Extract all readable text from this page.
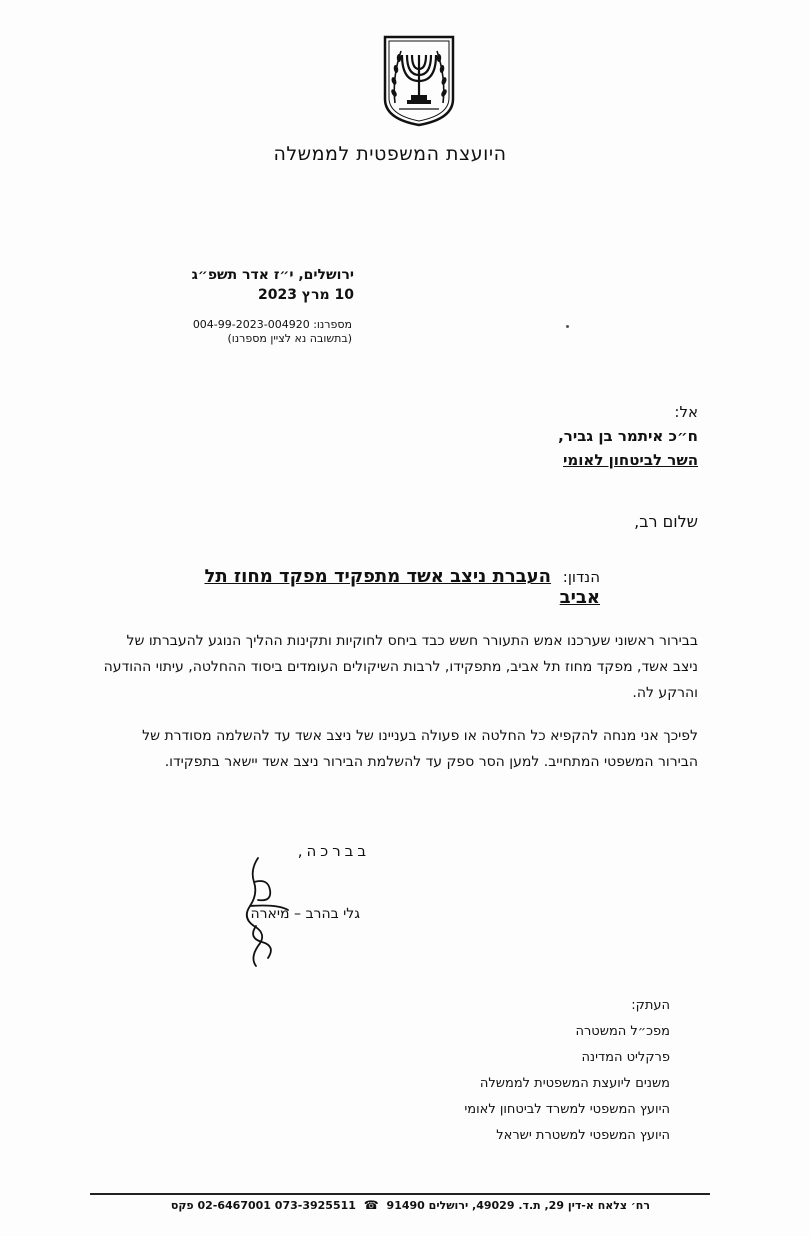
היועצת המשפטית לממשלה
ירושלים, י״ז אדר תשפ״ג
10 מרץ 2023
מספרנו: 004-99-2023-004920
(בתשובה נא לציין מספרנו)
אל:
ח״כ איתמר בן גביר,
השר לביטחון לאומי
שלום רב,
הנדון: העברת ניצב אשד מתפקיד מפקד מחוז תל אביב
בבירור ראשוני שערכנו אמש התעורר חשש כבד ביחס לחוקיות ותקינות ההליך הנוגע להעברתו של ניצב אשד, מפקד מחוז תל אביב, מתפקידו, לרבות השיקולים העומדים ביסוד ההחלטה, עיתוי ההודעה והרקע לה.
לפיכך אני מנחה להקפיא כל החלטה או פעולה בעניינו של ניצב אשד עד להשלמה מסודרת של הבירור המשפטי המתחייב. למען הסר ספק עד להשלמת הבירור ניצב אשד יישאר בתפקידו.
בברכה,
גלי בהרב – מיארה
העתק:
מפכ״ל המשטרה
פרקליט המדינה
משנים ליועצת המשפטית לממשלה
היועץ המשפטי למשרד לביטחון לאומי
היועץ המשפטי למשטרת ישראל
רח׳ צלאח א-דין 29, ת.ד. 49029, ירושלים 91490 ☎ 073-3925511 02-6467001 פקס
